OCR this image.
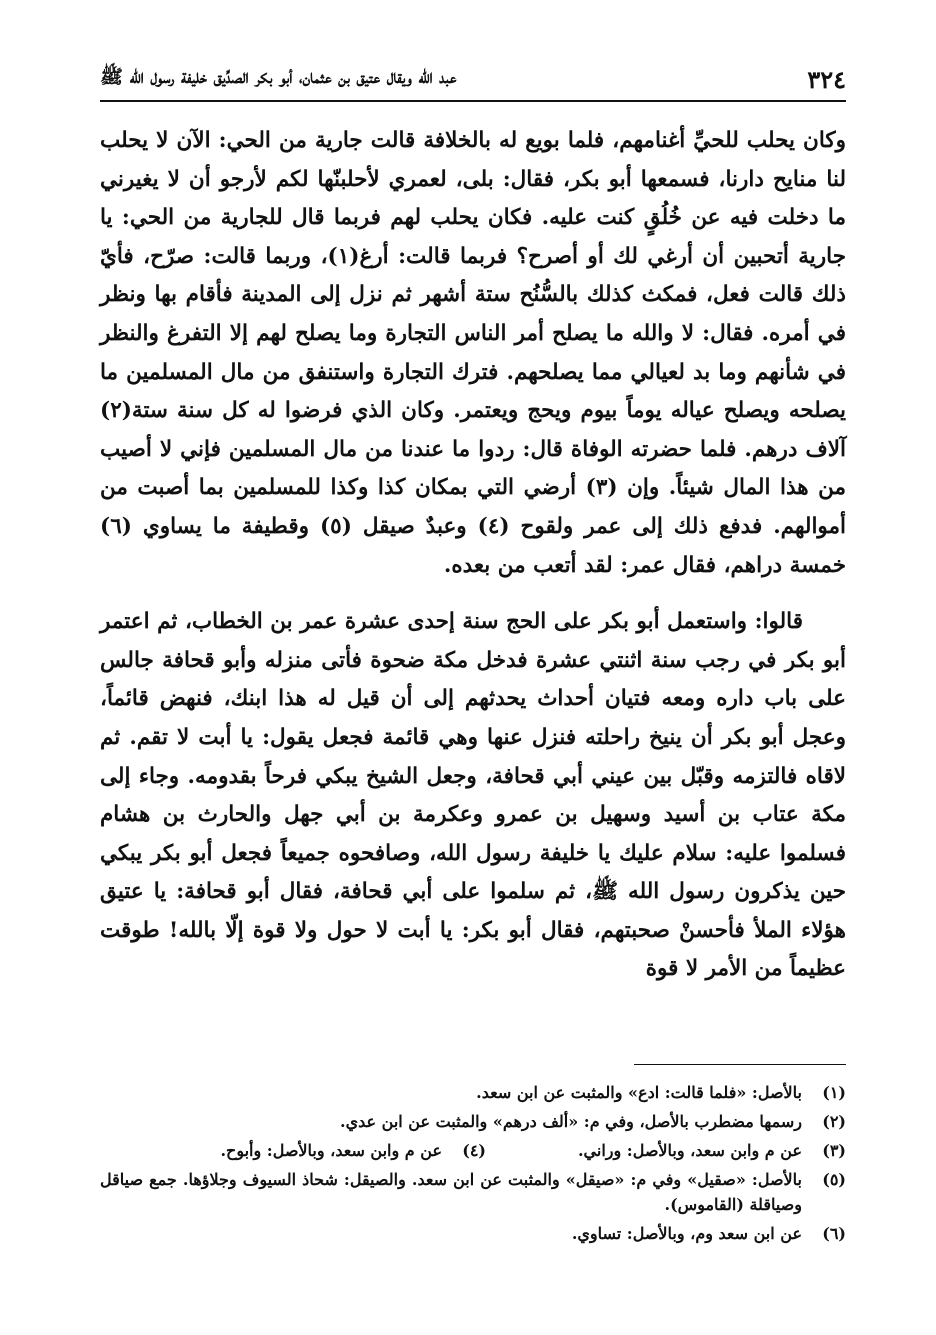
٣٢٤
عبد الله ويقال عتيق بن عثمان، أبو بكر الصدِّيق خليفة رسول الله ﷺ

وكان يحلب للحيِّ أغنامهم، فلما بويع له بالخلافة قالت جارية من الحي: الآن لا يحلب لنا منايح دارنا، فسمعها أبو بكر، فقال: بلى، لعمري لأحلبنّها لكم لأرجو أن لا يغيرني ما دخلت فيه عن خُلُقٍ كنت عليه. فكان يحلب لهم فربما قال للجارية من الحي: يا جارية أتحبين أن أرغي لك أو أصرح؟ فربما قالت: أرغ(١)، وربما قالت: صرّح، فأيّ ذلك قالت فعل، فمكث كذلك بالسُّنُح ستة أشهر ثم نزل إلى المدينة فأقام بها ونظر في أمره. فقال: لا والله ما يصلح أمر الناس التجارة وما يصلح لهم إلا التفرغ والنظر في شأنهم وما بد لعيالي مما يصلحهم. فترك التجارة واستنفق من مال المسلمين ما يصلحه ويصلح عياله يوماً بيوم ويحج ويعتمر. وكان الذي فرضوا له كل سنة ستة(٢) آلاف درهم. فلما حضرته الوفاة قال: ردوا ما عندنا من مال المسلمين فإني لا أصيب من هذا المال شيئاً. وإن (٣) أرضي التي بمكان كذا وكذا للمسلمين بما أصبت من أموالهم. فدفع ذلك إلى عمر ولقوح (٤) وعبدٌ صيقل (٥) وقطيفة ما يساوي (٦) خمسة دراهم، فقال عمر: لقد أتعب من بعده.

قالوا: واستعمل أبو بكر على الحج سنة إحدى عشرة عمر بن الخطاب، ثم اعتمر أبو بكر في رجب سنة اثنتي عشرة فدخل مكة ضحوة فأتى منزله وأبو قحافة جالس على باب داره ومعه فتيان أحداث يحدثهم إلى أن قيل له هذا ابنك، فنهض قائماً، وعجل أبو بكر أن ينيخ راحلته فنزل عنها وهي قائمة فجعل يقول: يا أبت لا تقم. ثم لاقاه فالتزمه وقبّل بين عيني أبي قحافة، وجعل الشيخ يبكي فرحاً بقدومه. وجاء إلى مكة عتاب بن أسيد وسهيل بن عمرو وعكرمة بن أبي جهل والحارث بن هشام فسلموا عليه: سلام عليك يا خليفة رسول الله، وصافحوه جميعاً فجعل أبو بكر يبكي حين يذكرون رسول الله ﷺ، ثم سلموا على أبي قحافة، فقال أبو قحافة: يا عتيق هؤلاء الملأ فأحسنْ صحبتهم، فقال أبو بكر: يا أبت لا حول ولا قوة إلّا بالله! طوقت عظيماً من الأمر لا قوة

(١)
بالأصل: «فلما قالت: ادع» والمثبت عن ابن سعد.
(٢)
رسمها مضطرب بالأصل، وفي م: «ألف درهم» والمثبت عن ابن عدي.
(٣)
عن م وابن سعد، وبالأصل: وراني.
(٤)
عن م وابن سعد، وبالأصل: وأبوح.
(٥)
بالأصل: «صقيل» وفي م: «صيقل» والمثبت عن ابن سعد. والصيقل: شحاذ السيوف وجلاؤها. جمع صياقل وصياقلة (القاموس).
(٦)
عن ابن سعد وم، وبالأصل: تساوي.
